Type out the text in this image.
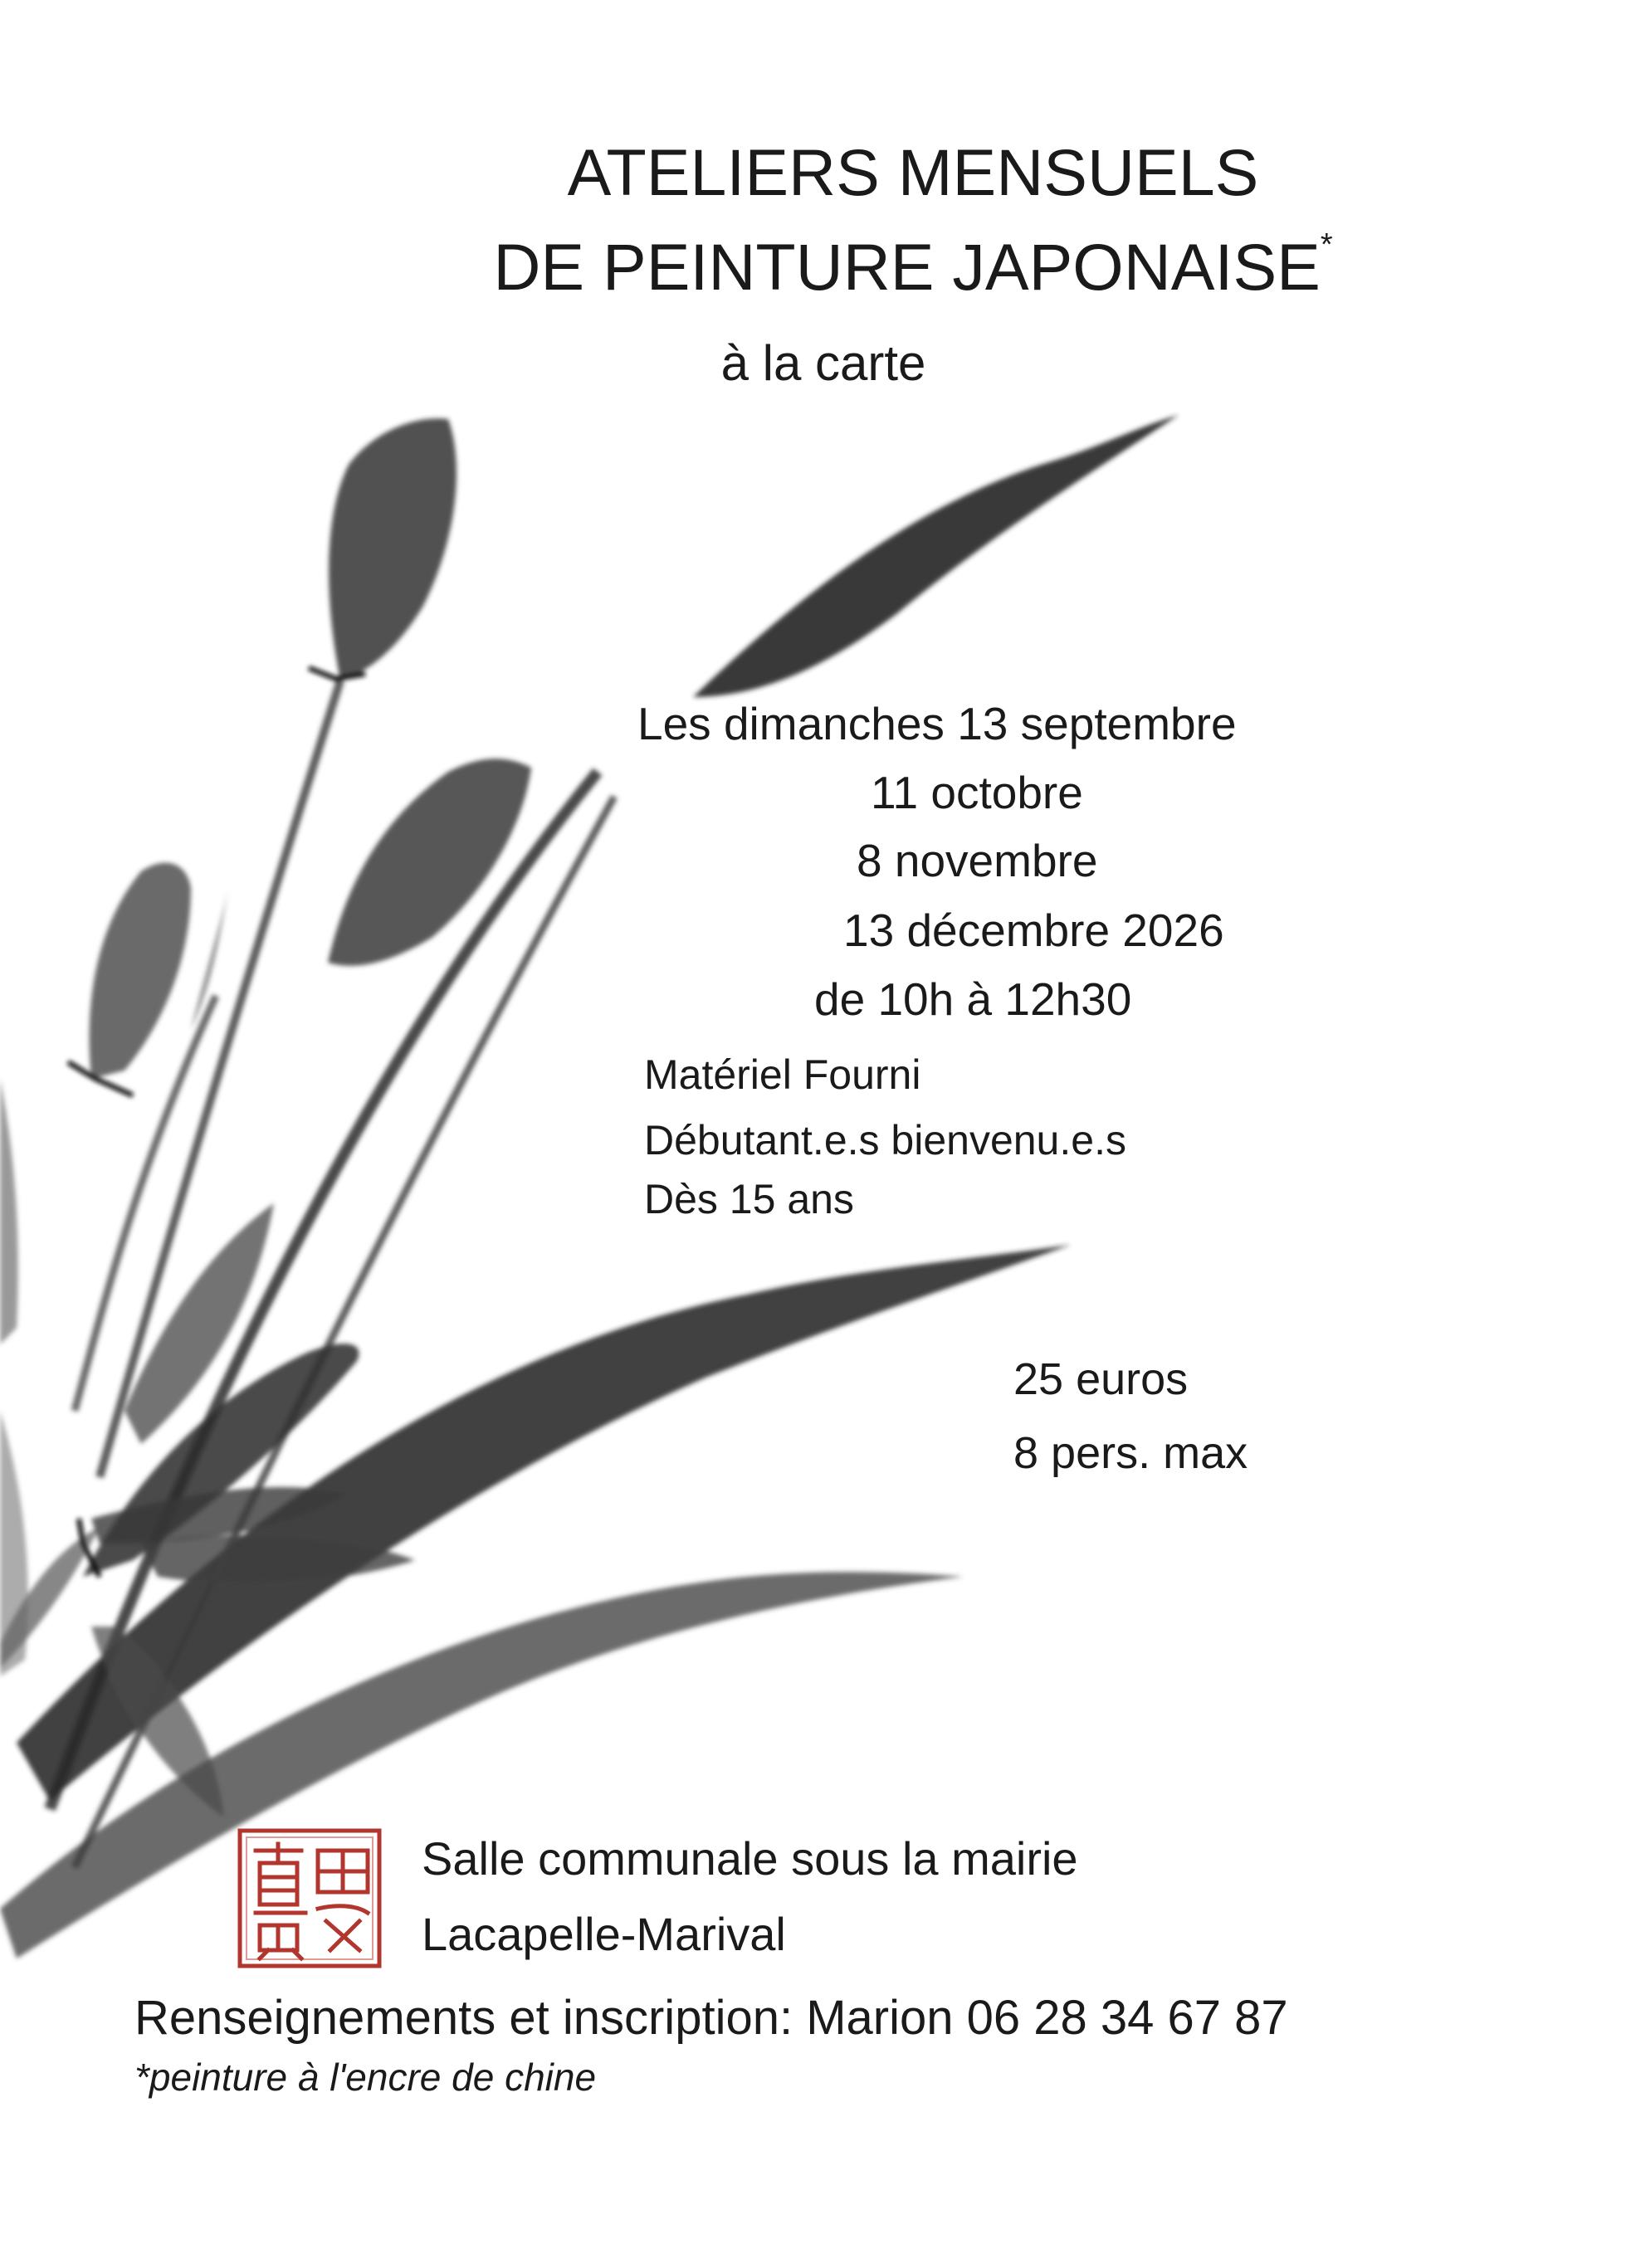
ATELIERS MENSUELS
DE PEINTURE JAPONAISE*
à la carte
Les dimanches 13 septembre
11 octobre
8 novembre
13 décembre 2026
de 10h à 12h30
Matériel Fourni
Débutant.e.s bienvenu.e.s
Dès 15 ans
25 euros
8 pers. max
Salle communale sous la mairie
Lacapelle-Marival
Renseignements et inscription: Marion 06 28 34 67 87
*peinture à l'encre de chine
